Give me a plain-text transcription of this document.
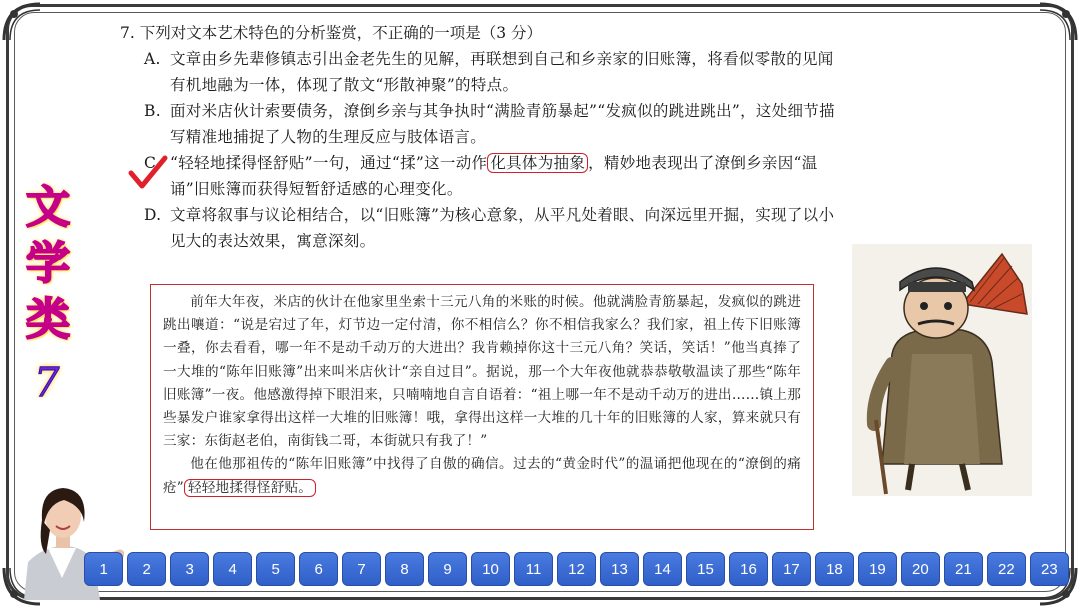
文
学
类
7
7. 下列对文本艺术特色的分析鉴赏，不正确的一项是（3 分）
A. 文章由乡先辈修镇志引出金老先生的见解，再联想到自己和乡亲家的旧账簿，将看似零散的见闻有机地融为一体，体现了散文“形散神聚”的特点。
B. 面对米店伙计索要债务，潦倒乡亲与其争执时“满脸青筋暴起”“发疯似的跳进跳出”，这处细节描写精准地捕捉了人物的生理反应与肢体语言。
C. “轻轻地揉得怪舒贴”一句，通过“揉”这一动作 化具体为抽象 ，精妙地表现出了潦倒乡亲因“温诵”旧账簿而获得短暂舒适感的心理变化。
D. 文章将叙事与议论相结合，以“旧账簿”为核心意象，从平凡处着眼、向深远里开掘，实现了以小见大的表达效果，寓意深刻。

前年大年夜，米店的伙计在他家里坐索十三元八角的米账的时候。他就满脸青筋暴起，发疯似的跳进跳出嚷道：“说是宕过了年，灯节边一定付清，你不相信么？你不相信我家么？我们家，祖上传下旧账簿一叠，你去看看，哪一年不是动千动万的大进出？我肯赖掉你这十三元八角？笑话，笑话！”他当真捧了一大堆的“陈年旧账簿”出来叫米店伙计“亲自过目”。据说，那一个大年夜他就恭恭敬敬温读了那些“陈年旧账簿”一夜。他感激得掉下眼泪来，只喃喃地自言自语着：“祖上哪一年不是动千动万的进出……镇上那些暴发户谁家拿得出这样一大堆的旧账簿！哦，拿得出这样一大堆的几十年的旧账簿的人家，算来就只有三家：东街赵老伯，南街钱二哥，本街就只有我了！”

他在他那祖传的“陈年旧账簿”中找得了自傲的确信。过去的“黄金时代”的温诵把他现在的“潦倒的痛疮” 轻轻地揉得怪舒贴。

1	2	3	4	5	6	7	8	9	10	11	12	13	14	15	16	17	18	19	20	21	22	23
